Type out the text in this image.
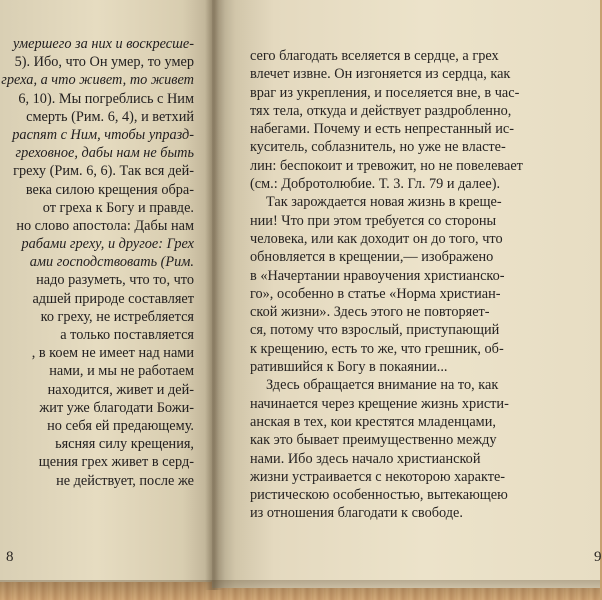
умершего за них и воскресше-
5). Ибо, что Он умер, то умер
греха, а что живет, то живет
6, 10). Мы погреблись с Ним
смерть (Рим. 6, 4), и ветхий
распят с Ним, чтобы упразд-
греховное, дабы нам не быть
греху (Рим. 6, 6). Так вся дей-
века силою крещения обра-
от греха к Богу и правде.
но слово апостола: Дабы нам
рабами греху, и другое: Грех
ами господствовать (Рим.
надо разуметь, что то, что
адшей природе составляет
ко греху, не истребляется
а только поставляется
, в коем не имеет над нами
нами, и мы не работаем
находится, живет и дей-
жит уже благодати Божи-
но себя ей предающему.
ьясняя силу крещения,
щения грех живет в серд-
не действует, после же
8
сего благодать вселяется в сердце, а грех
влечет извне. Он изгоняется из сердца, как
враг из укрепления, и поселяется вне, в час-
тях тела, откуда и действует раздробленно,
набегами. Почему и есть непрестанный ис-
куситель, соблазнитель, но уже не властe-
лин: беспокоит и тревожит, но не повелевает
(см.: Добротолюбие. Т. 3. Гл. 79 и далее).
Так зарождается новая жизнь в крещe-
нии! Что при этом требуется со стороны
человека, или как доходит он до того, что
обновляется в крещении,— изображено
в «Начертании нравоучения христианско-
го», особенно в статье «Норма христиан-
ской жизни». Здесь этого не повторяет-
ся, потому что взрослый, приступающий
к крещению, есть то же, что грешник, об-
ратившийся к Богу в покаянии...
Здесь обращается внимание на то, как
начинается через крещение жизнь христи-
анская в тех, кои крестятся младенцами,
как это бывает преимущественно между
нами. Ибо здесь начало христианской
жизни устраивается с некоторою характе-
ристическою особенностью, вытекающею
из отношения благодати к свободе.
9
